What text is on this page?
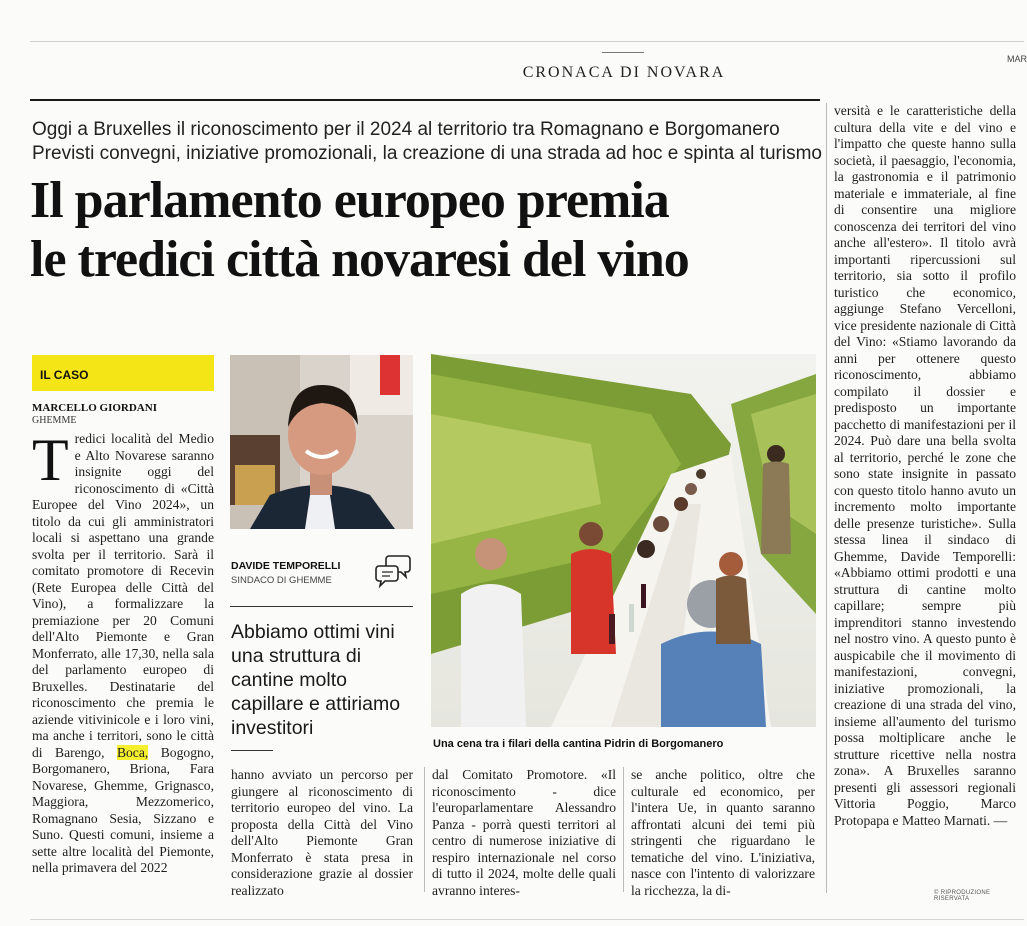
CRONACA DI NOVARA
MAR
Oggi a Bruxelles il riconoscimento per il 2024 al territorio tra Romagnano e Borgomanero
Previsti convegni, iniziative promozionali, la creazione di una strada ad hoc e spinta al turismo
Il parlamento europeo premia
le tredici città novaresi del vino
IL CASO
MARCELLO GIORDANI
GHEMME
T redici località del Medio e Alto Novarese saranno insignite oggi del riconoscimento di «Città Europee del Vino 2024», un titolo da cui gli amministratori locali si aspettano una grande svolta per il territorio. Sarà il comitato promotore di Recevin (Rete Europea delle Città del Vino), a formalizzare la premiazione per 20 Comuni dell'Alto Piemonte e Gran Monferrato, alle 17,30, nella sala del parlamento europeo di Bruxelles. Destinatarie del riconoscimento che premia le aziende vitivinicole e i loro vini, ma anche i territori, sono le città di Barengo, Boca, Bogogno, Borgomanero, Briona, Fara Novarese, Ghemme, Grignasco, Maggiora, Mezzomerico, Romagnano Sesia, Sizzano e Suno. Questi comuni, insieme a sette altre località del Piemonte, nella primavera del 2022
DAVIDE TEMPORELLI
SINDACO DI GHEMME
Abbiamo ottimi vini una struttura di cantine molto capillare e attiriamo investitori
Una cena tra i filari della cantina Pidrin di Borgomanero
hanno avviato un percorso per giungere al riconoscimento di territorio europeo del vino. La proposta della Città del Vino dell'Alto Piemonte Gran Monferrato è stata presa in considerazione grazie al dossier realizzato
dal Comitato Promotore. «Il riconoscimento - dice l'europarlamentare Alessandro Panza - porrà questi territori al centro di numerose iniziative di respiro internazionale nel corso di tutto il 2024, molte delle quali avranno interes-
se anche politico, oltre che culturale ed economico, per l'intera Ue, in quanto saranno affrontati alcuni dei temi più stringenti che riguardano le tematiche del vino. L'iniziativa, nasce con l'intento di valorizzare la ricchezza, la di-
versità e le caratteristiche della cultura della vite e del vino e l'impatto che queste hanno sulla società, il paesaggio, l'economia, la gastronomia e il patrimonio materiale e immateriale, al fine di consentire una migliore conoscenza dei territori del vino anche all'estero». Il titolo avrà importanti ripercussioni sul territorio, sia sotto il profilo turistico che economico, aggiunge Stefano Vercelloni, vice presidente nazionale di Città del Vino: «Stiamo lavorando da anni per ottenere questo riconoscimento, abbiamo compilato il dossier e predisposto un importante pacchetto di manifestazioni per il 2024. Può dare una bella svolta al territorio, perché le zone che sono state insignite in passato con questo titolo hanno avuto un incremento molto importante delle presenze turistiche». Sulla stessa linea il sindaco di Ghemme, Davide Temporelli: «Abbiamo ottimi prodotti e una struttura di cantine molto capillare; sempre più imprenditori stanno investendo nel nostro vino. A questo punto è auspicabile che il movimento di manifestazioni, convegni, iniziative promozionali, la creazione di una strada del vino, insieme all'aumento del turismo possa moltiplicare anche le strutture ricettive nella nostra zona». A Bruxelles saranno presenti gli assessori regionali Vittoria Poggio, Marco Protopapa e Matteo Marnati. —
© RIPRODUZIONE RISERVATA
